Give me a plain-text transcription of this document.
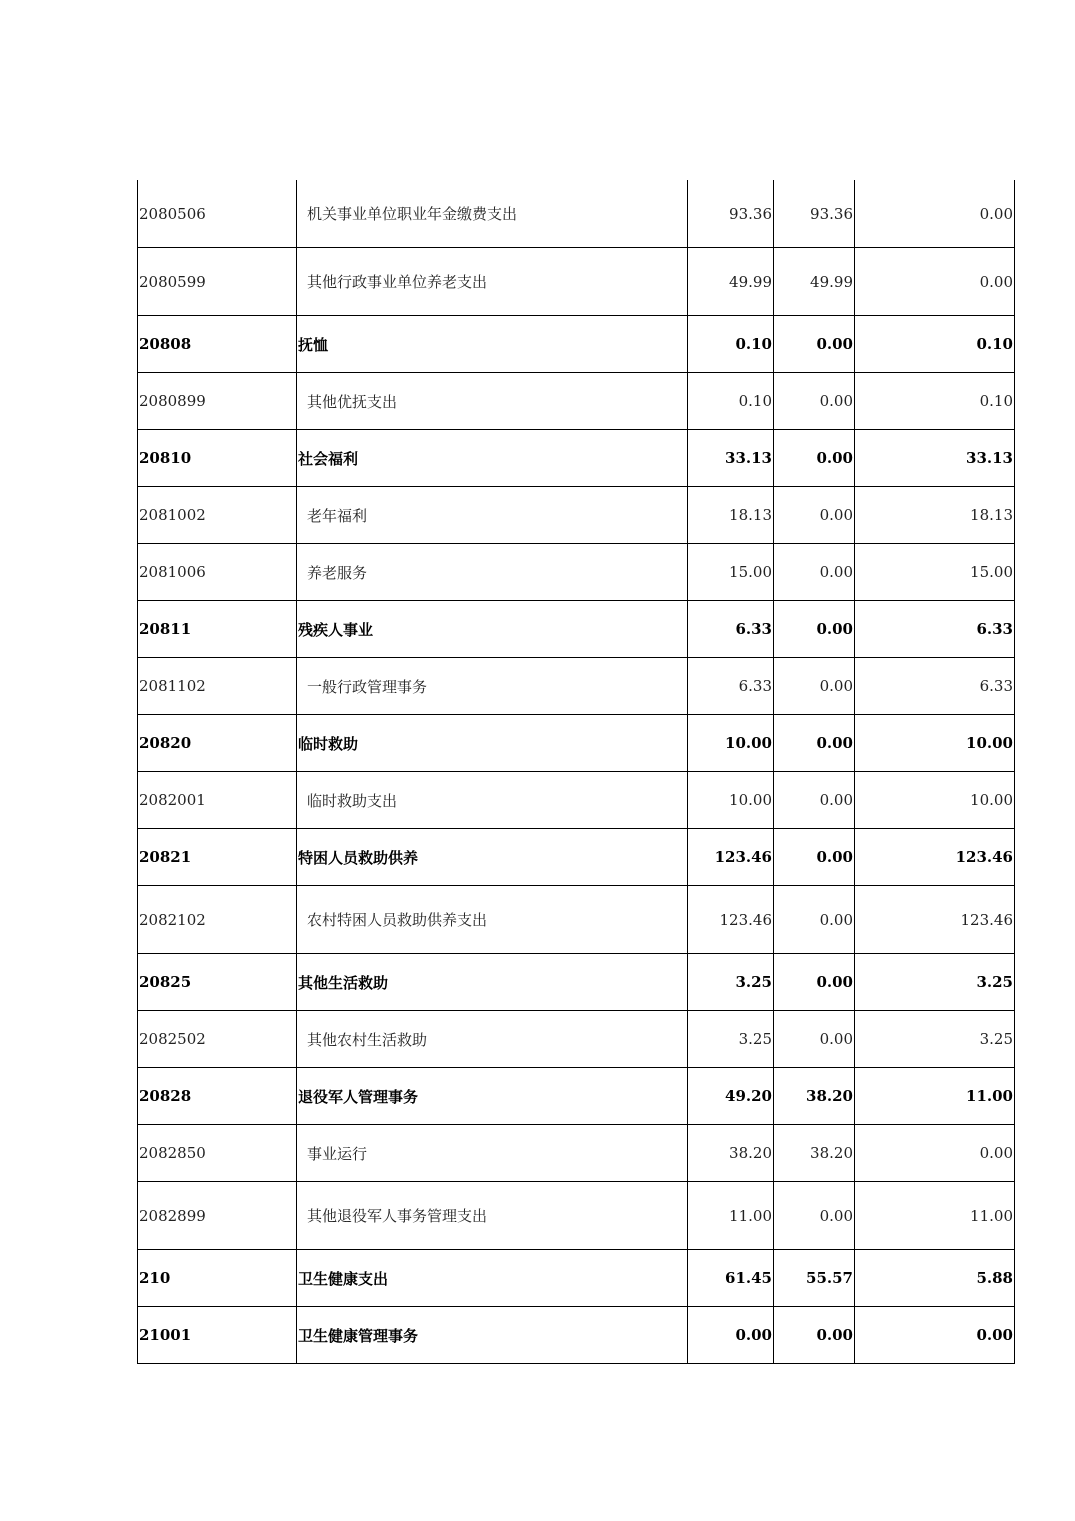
2080506	机关事业单位职业年金缴费支出	93.36	93.36	0.00
2080599	其他行政事业单位养老支出	49.99	49.99	0.00
20808	抚恤	0.10	0.00	0.10
2080899	其他优抚支出	0.10	0.00	0.10
20810	社会福利	33.13	0.00	33.13
2081002	老年福利	18.13	0.00	18.13
2081006	养老服务	15.00	0.00	15.00
20811	残疾人事业	6.33	0.00	6.33
2081102	一般行政管理事务	6.33	0.00	6.33
20820	临时救助	10.00	0.00	10.00
2082001	临时救助支出	10.00	0.00	10.00
20821	特困人员救助供养	123.46	0.00	123.46
2082102	农村特困人员救助供养支出	123.46	0.00	123.46
20825	其他生活救助	3.25	0.00	3.25
2082502	其他农村生活救助	3.25	0.00	3.25
20828	退役军人管理事务	49.20	38.20	11.00
2082850	事业运行	38.20	38.20	0.00
2082899	其他退役军人事务管理支出	11.00	0.00	11.00
210	卫生健康支出	61.45	55.57	5.88
21001	卫生健康管理事务	0.00	0.00	0.00
